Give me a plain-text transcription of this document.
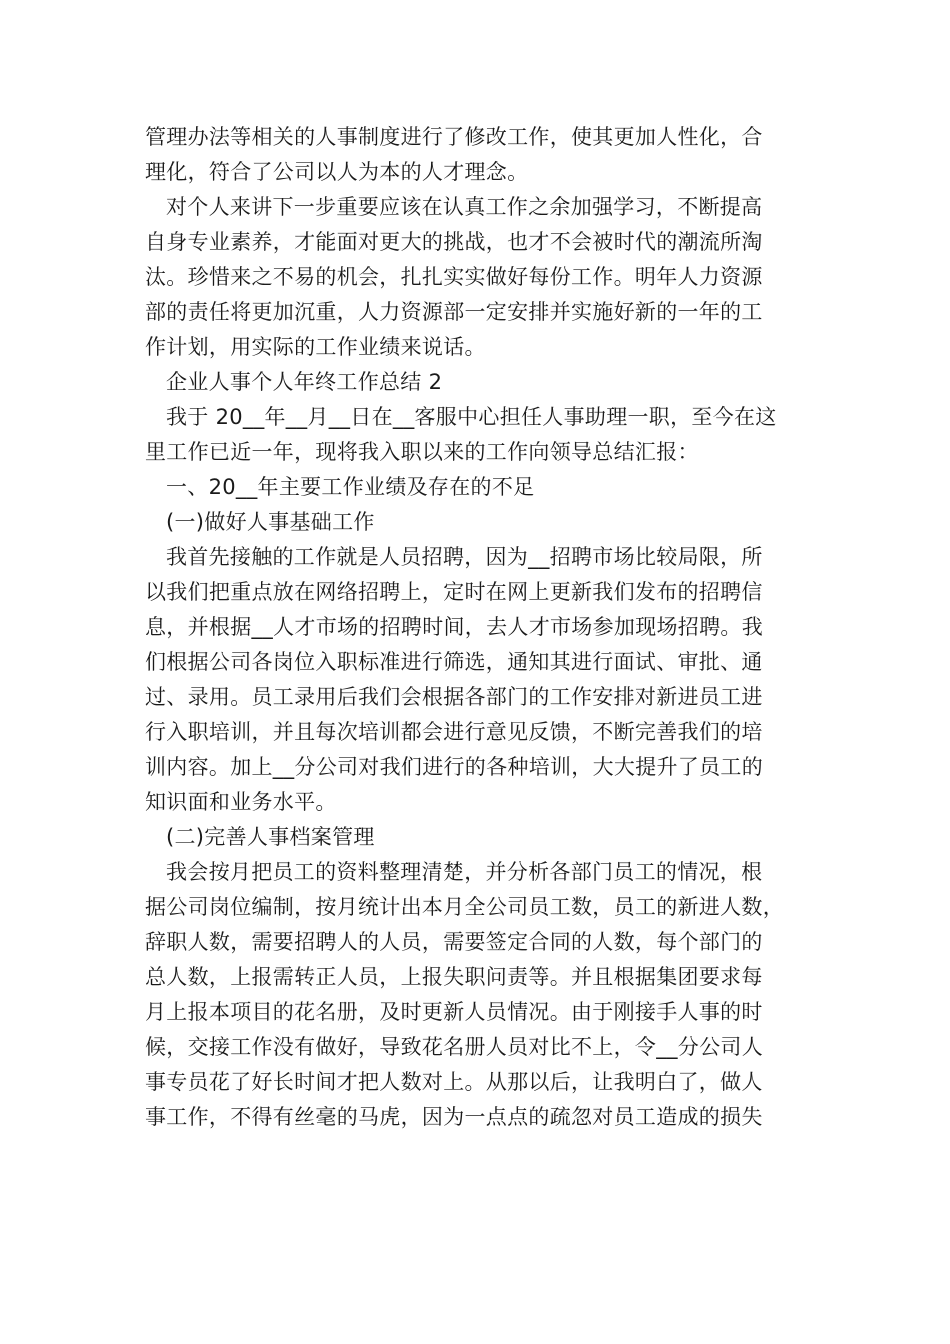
管理办法等相关的人事制度进行了修改工作，使其更加人性化，合
理化，符合了公司以人为本的人才理念。
对个人来讲下一步重要应该在认真工作之余加强学习，不断提高
自身专业素养，才能面对更大的挑战，也才不会被时代的潮流所淘
汰。珍惜来之不易的机会，扎扎实实做好每份工作。明年人力资源
部的责任将更加沉重，人力资源部一定安排并实施好新的一年的工
作计划，用实际的工作业绩来说话。
企业人事个人年终工作总结 2
我于 20__年__月__日在__客服中心担任人事助理一职，至今在这
里工作已近一年，现将我入职以来的工作向领导总结汇报：
一、20__年主要工作业绩及存在的不足
(一)做好人事基础工作
我首先接触的工作就是人员招聘，因为__招聘市场比较局限，所
以我们把重点放在网络招聘上，定时在网上更新我们发布的招聘信
息，并根据__人才市场的招聘时间，去人才市场参加现场招聘。我
们根据公司各岗位入职标准进行筛选，通知其进行面试、审批、通
过、录用。员工录用后我们会根据各部门的工作安排对新进员工进
行入职培训，并且每次培训都会进行意见反馈，不断完善我们的培
训内容。加上__分公司对我们进行的各种培训，大大提升了员工的
知识面和业务水平。
(二)完善人事档案管理
我会按月把员工的资料整理清楚，并分析各部门员工的情况，根
据公司岗位编制，按月统计出本月全公司员工数，员工的新进人数，
辞职人数，需要招聘人的人员，需要签定合同的人数，每个部门的
总人数，上报需转正人员，上报失职问责等。并且根据集团要求每
月上报本项目的花名册，及时更新人员情况。由于刚接手人事的时
候，交接工作没有做好，导致花名册人员对比不上，令__分公司人
事专员花了好长时间才把人数对上。从那以后，让我明白了，做人
事工作，不得有丝毫的马虎，因为一点点的疏忽对员工造成的损失
